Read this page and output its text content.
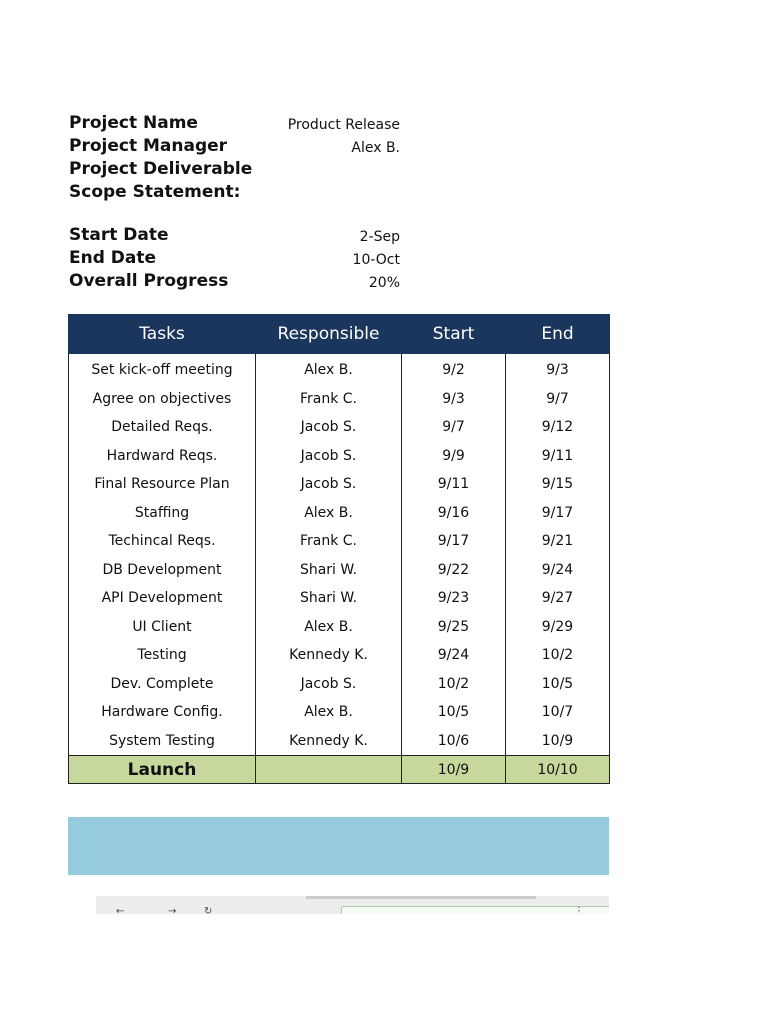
Project Name	Product Release
Project Manager	Alex B.
Project Deliverable
Scope Statement:
Start Date	2-Sep
End Date	10-Oct
Overall Progress	20%
Tasks	Responsible	Start	End
Set kick-off meeting	Alex B.	9/2	9/3
Agree on objectives	Frank C.	9/3	9/7
Detailed Reqs.	Jacob S.	9/7	9/12
Hardward Reqs.	Jacob S.	9/9	9/11
Final Resource Plan	Jacob S.	9/11	9/15
Staffing	Alex B.	9/16	9/17
Techincal Reqs.	Frank C.	9/17	9/21
DB Development	Shari W.	9/22	9/24
API Development	Shari W.	9/23	9/27
UI Client	Alex B.	9/25	9/29
Testing	Kennedy K.	9/24	10/2
Dev. Complete	Jacob S.	10/2	10/5
Hardware Config.	Alex B.	10/5	10/7
System Testing	Kennedy K.	10/6	10/9
Launch		10/9	10/10
←	→	↻	⋮
